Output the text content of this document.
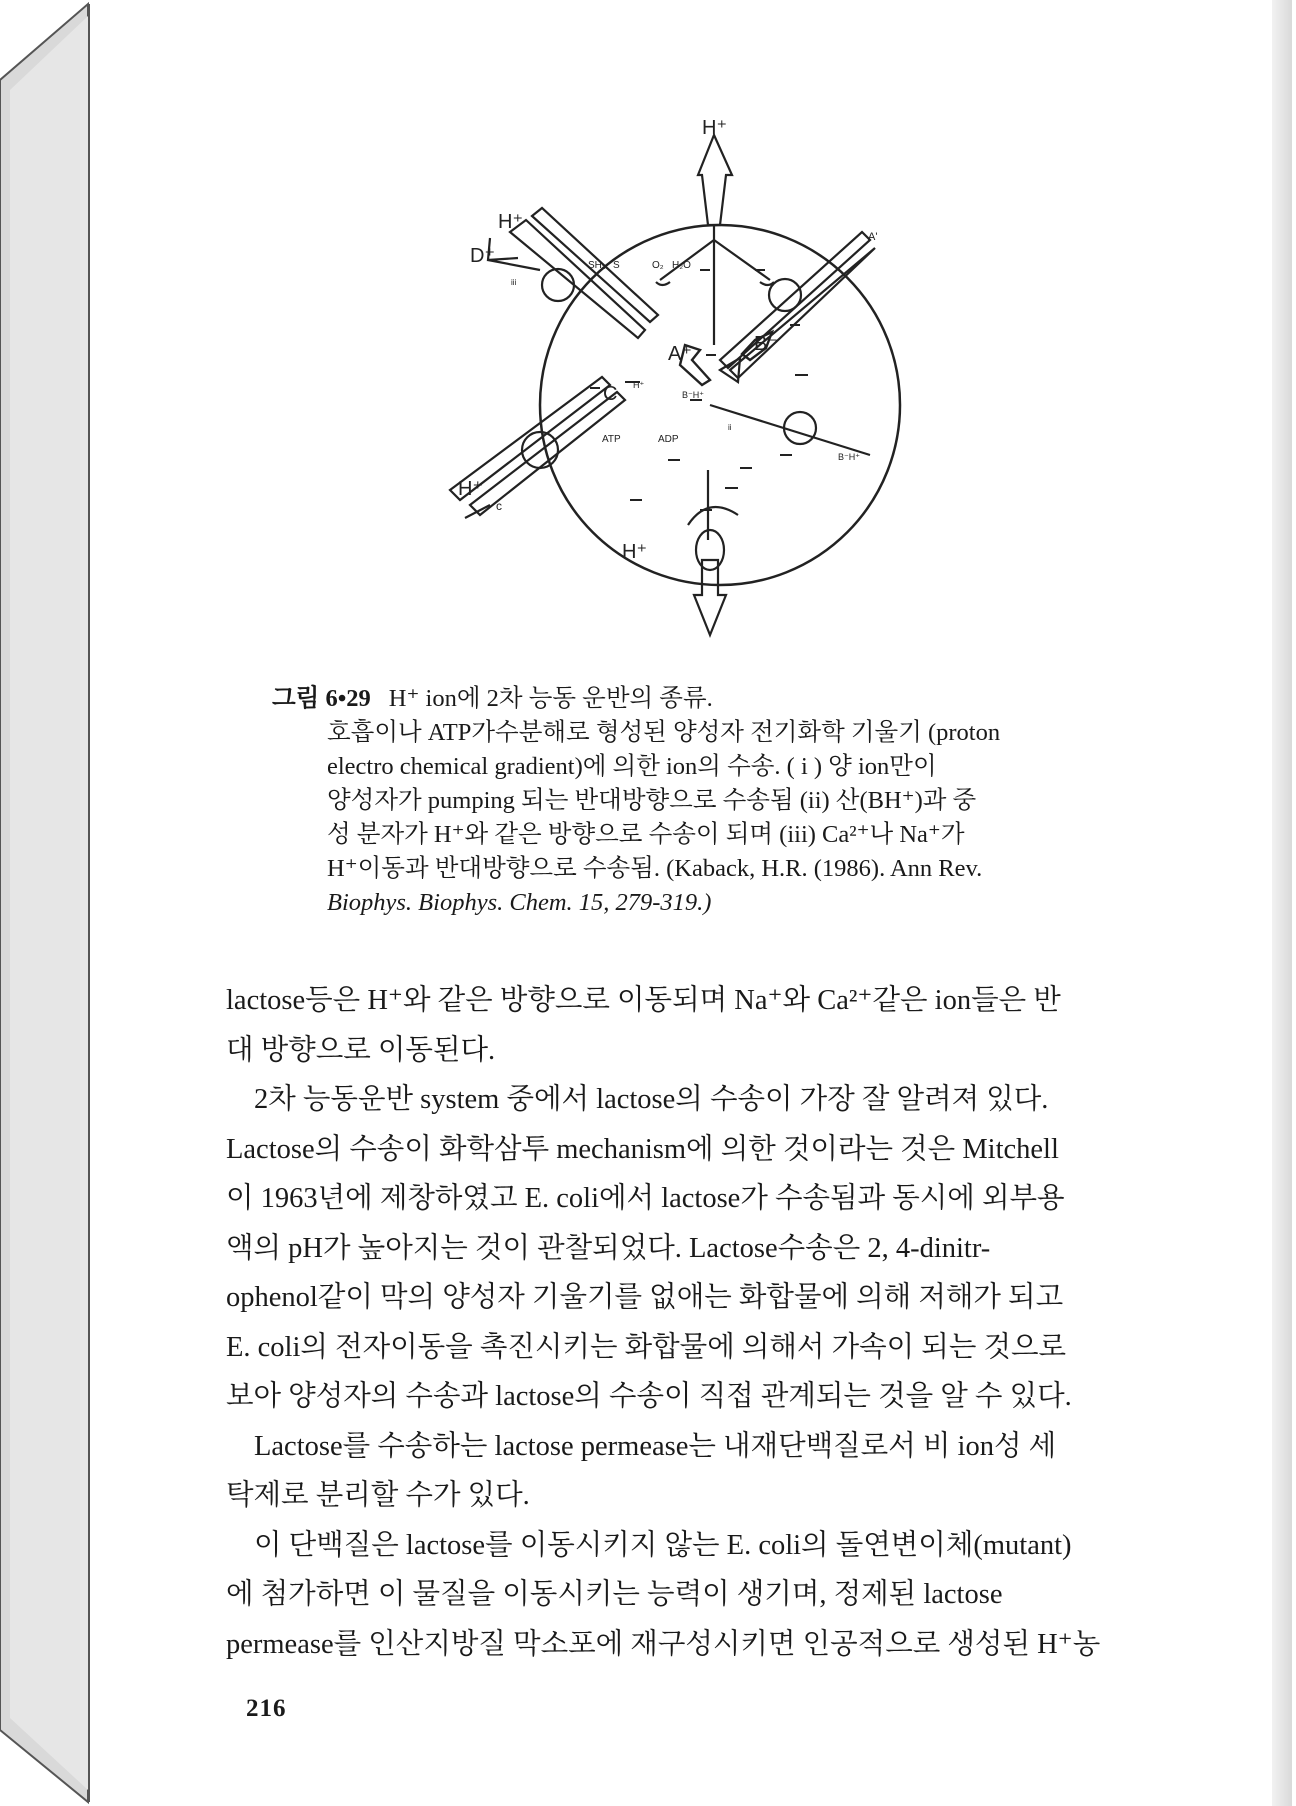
H⁺
H⁺
D⁺
A'
A⁺	B⁻
C H⁺
B⁻H⁺
B⁻H⁺
ATP	ADP
H⁺
c
H⁺
SH₂ S	O₂ H₂O
iii
i
ii
그림 6•29 H⁺ ion에 2차 능동 운반의 종류.
호흡이나 ATP가수분해로 형성된 양성자 전기화학 기울기 (proton
electro chemical gradient)에 의한 ion의 수송. ( i ) 양 ion만이
양성자가 pumping 되는 반대방향으로 수송됨 (ii) 산(BH⁺)과 중
성 분자가 H⁺와 같은 방향으로 수송이 되며 (iii) Ca²⁺나 Na⁺가
H⁺이동과 반대방향으로 수송됨. (Kaback, H.R. (1986). Ann Rev.
Biophys. Biophys. Chem. 15, 279-319.)
lactose등은 H⁺와 같은 방향으로 이동되며 Na⁺와 Ca²⁺같은 ion들은 반
대 방향으로 이동된다.
2차 능동운반 system 중에서 lactose의 수송이 가장 잘 알려져 있다.
Lactose의 수송이 화학삼투 mechanism에 의한 것이라는 것은 Mitchell
이 1963년에 제창하였고 E. coli에서 lactose가 수송됨과 동시에 외부용
액의 pH가 높아지는 것이 관찰되었다. Lactose수송은 2, 4-dinitr-
ophenol같이 막의 양성자 기울기를 없애는 화합물에 의해 저해가 되고
E. coli의 전자이동을 촉진시키는 화합물에 의해서 가속이 되는 것으로
보아 양성자의 수송과 lactose의 수송이 직접 관계되는 것을 알 수 있다.
Lactose를 수송하는 lactose permease는 내재단백질로서 비 ion성 세
탁제로 분리할 수가 있다.
이 단백질은 lactose를 이동시키지 않는 E. coli의 돌연변이체(mutant)
에 첨가하면 이 물질을 이동시키는 능력이 생기며, 정제된 lactose
permease를 인산지방질 막소포에 재구성시키면 인공적으로 생성된 H⁺농
216
